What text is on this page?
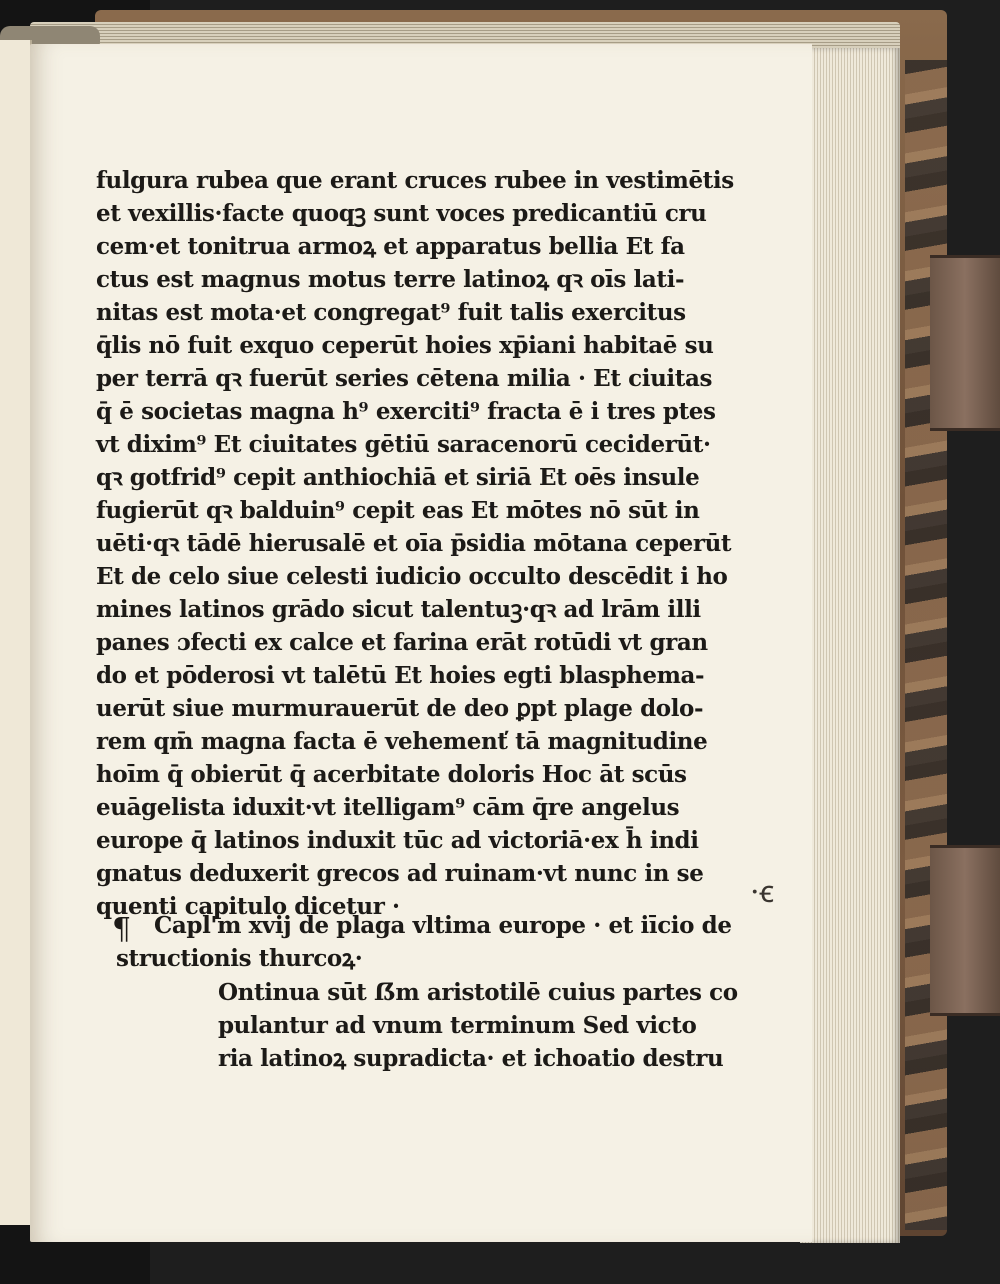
fulgura rubea que erant cruces rubee in vestimētis
et vexillis·facte quoqꝫ sunt voces predicantiū cru
cem·et tonitrua armoꝝ et apparatus bellia Et fa
ctus est magnus motus terre latinoꝝ qꝛ oīs lati-
nitas est mota·et congregat⁹ fuit talis exercitus
q̄lis nō fuit exquo ceperūt hoies xp̄iani habitaē su
per terrā qꝛ fuerūt series cētena milia · Et ciuitas
q̄ ē societas magna h⁹ exerciti⁹ fracta ē i tres ptes
vt dixim⁹ Et ciuitates gētiū saracenorū ceciderūt·
qꝛ gotfrid⁹ cepit anthiochiā et siriā Et oēs insule
fugierūt qꝛ balduin⁹ cepit eas Et mōtes nō sūt in
uēti·qꝛ tādē hierusalē et oīa p̄sidia mōtana ceperūt
Et de celo siue celesti iudicio occulto descēdit i ho
mines latinos grādo sicut talentuꝫ·qꝛ ad lrām illi
panes ɔfecti ex calce et farina erāt rotūdi vt gran
do et pōderosi vt talētū Et hoies egti blasphema-
uerūt siue murmurauerūt de deo ꝑpt plage dolo-
rem qm̄ magna facta ē vehemenť tā magnitudine
hoīm q̄ obierūt q̄ acerbitate doloris Hoc āt scūs
euāgelista iduxit·vt itelligam⁹ cām q̄re angelus
europe q̄ latinos induxit tūc ad victoriā·ex h̄ indi
gnatus deduxerit grecos ad ruinam·vt nunc in se
quenti capitulo dicetur ·
Capl'm xvij de plaga vltima europe · et iīcio de
structionis thurcoꝝ·
Ontinua sūt ẞm aristotilē cuius partes co
pulantur ad vnum terminum Sed victo
ria latinoꝝ supradicta· et ichoatio destru
¶
·ꞓ
